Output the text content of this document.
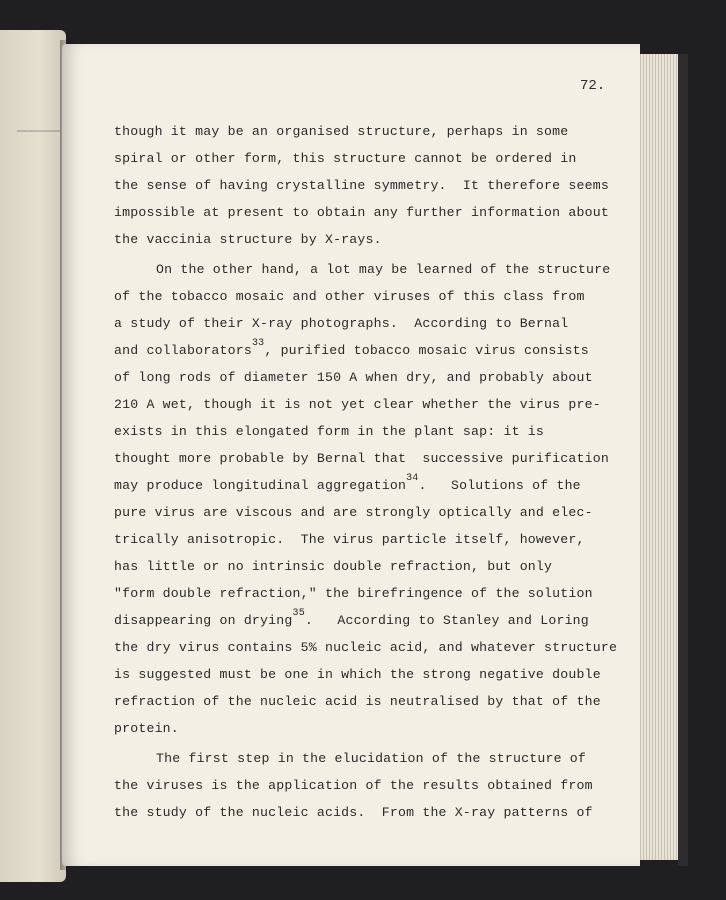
▁▁▁▁▁▁
72.
though it may be an organised structure, perhaps in some
spiral or other form, this structure cannot be ordered in
the sense of having crystalline symmetry.  It therefore seems
impossible at present to obtain any further information about
the vaccinia structure by X-rays.
On the other hand, a lot may be learned of the structure
of the tobacco mosaic and other viruses of this class from
a study of their X-ray photographs.  According to Bernal
and collaborators$^{33}$, purified tobacco mosaic virus consists
of long rods of diameter 150 A when dry, and probably about
210 A wet, though it is not yet clear whether the virus pre-
exists in this elongated form in the plant sap: it is
thought more probable by Bernal that  successive purification
may produce longitudinal aggregation$^{34}$.   Solutions of the
pure virus are viscous and are strongly optically and elec-
trically anisotropic.  The virus particle itself, however,
has little or no intrinsic double refraction, but only
"form double refraction," the birefringence of the solution
disappearing on drying$^{35}$.   According to Stanley and Loring
the dry virus contains 5% nucleic acid, and whatever structure
is suggested must be one in which the strong negative double
refraction of the nucleic acid is neutralised by that of the
protein.
The first step in the elucidation of the structure of
the viruses is the application of the results obtained from
the study of the nucleic acids.  From the X-ray patterns of
